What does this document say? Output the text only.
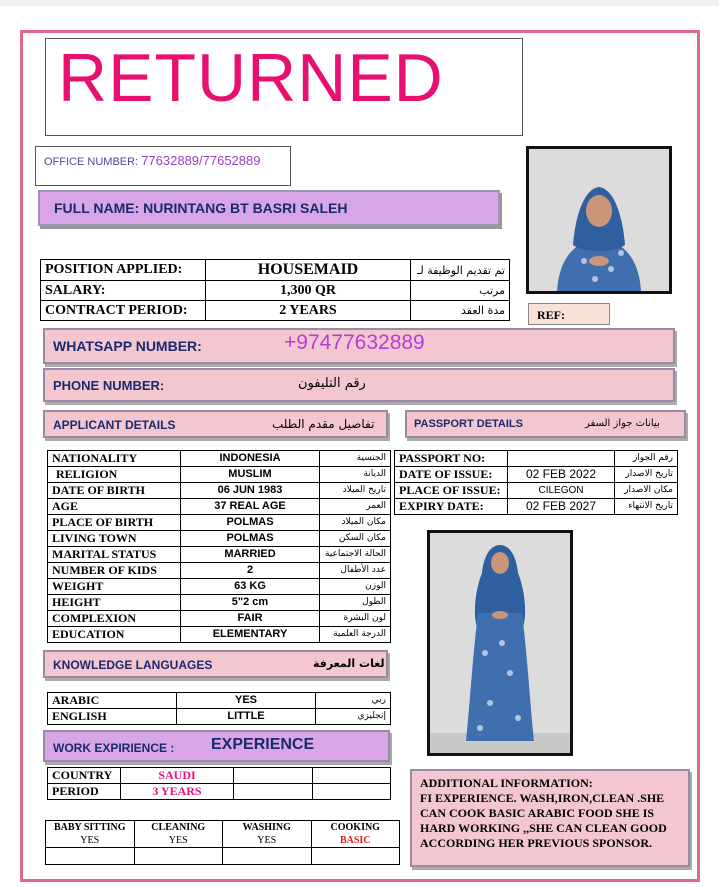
RETURNED
OFFICE NUMBER: 77632889/77652889
FULL NAME: NURINTANG BT BASRI SALEH
POSITION APPLIED:	HOUSEMAID	تم تقديم الوظيفة لـ
SALARY:	1,300 QR	مرتب
CONTRACT PERIOD:	2 YEARS	مدة العقد	REF:
WHATSAPP NUMBER:	+97477632889
PHONE NUMBER:	رقم التليفون
APPLICANT DETAILS	تفاصيل مقدم الطلب	PASSPORT DETAILS	بيانات جواز السفر
NATIONALITY	INDONESIA	الجنسية
RELIGION	MUSLIM	الديانة
DATE OF BIRTH	06 JUN 1983	تاريخ الميلاد
AGE	37 REAL AGE	العمر
PLACE OF BIRTH	POLMAS	مكان الميلاد
LIVING TOWN	POLMAS	مكان السكن
MARITAL STATUS	MARRIED	الحالة الاجتماعية
NUMBER OF KIDS	2	عدد الأطفال
WEIGHT	63 KG	الوزن
HEIGHT	5"2 cm	الطول
COMPLEXION	FAIR	لون البشرة
EDUCATION	ELEMENTARY	الدرجة العلمية
PASSPORT NO:		رقم الجواز
DATE OF ISSUE:	02 FEB 2022	تاريخ الاصدار
PLACE OF ISSUE:	CILEGON	مكان الاصدار
EXPIRY DATE:	02 FEB 2027	تاريخ الانتهاء
KNOWLEDGE LANGUAGES	لغات المعرفة
ARABIC	YES	ربي
ENGLISH	LITTLE	إنجليزي
WORK EXPIRIENCE : EXPERIENCE
COUNTRY	SAUDI		
PERIOD	3 YEARS		
BABY SITTING	CLEANING	WASHING	COOKING
YES	YES	YES	BASIC

ADDITIONAL INFORMATION:
FI EXPERIENCE. WASH,IRON,CLEAN .SHE CAN COOK BASIC ARABIC FOOD SHE IS HARD WORKING ,,SHE CAN CLEAN GOOD ACCORDING HER PREVIOUS SPONSOR.
